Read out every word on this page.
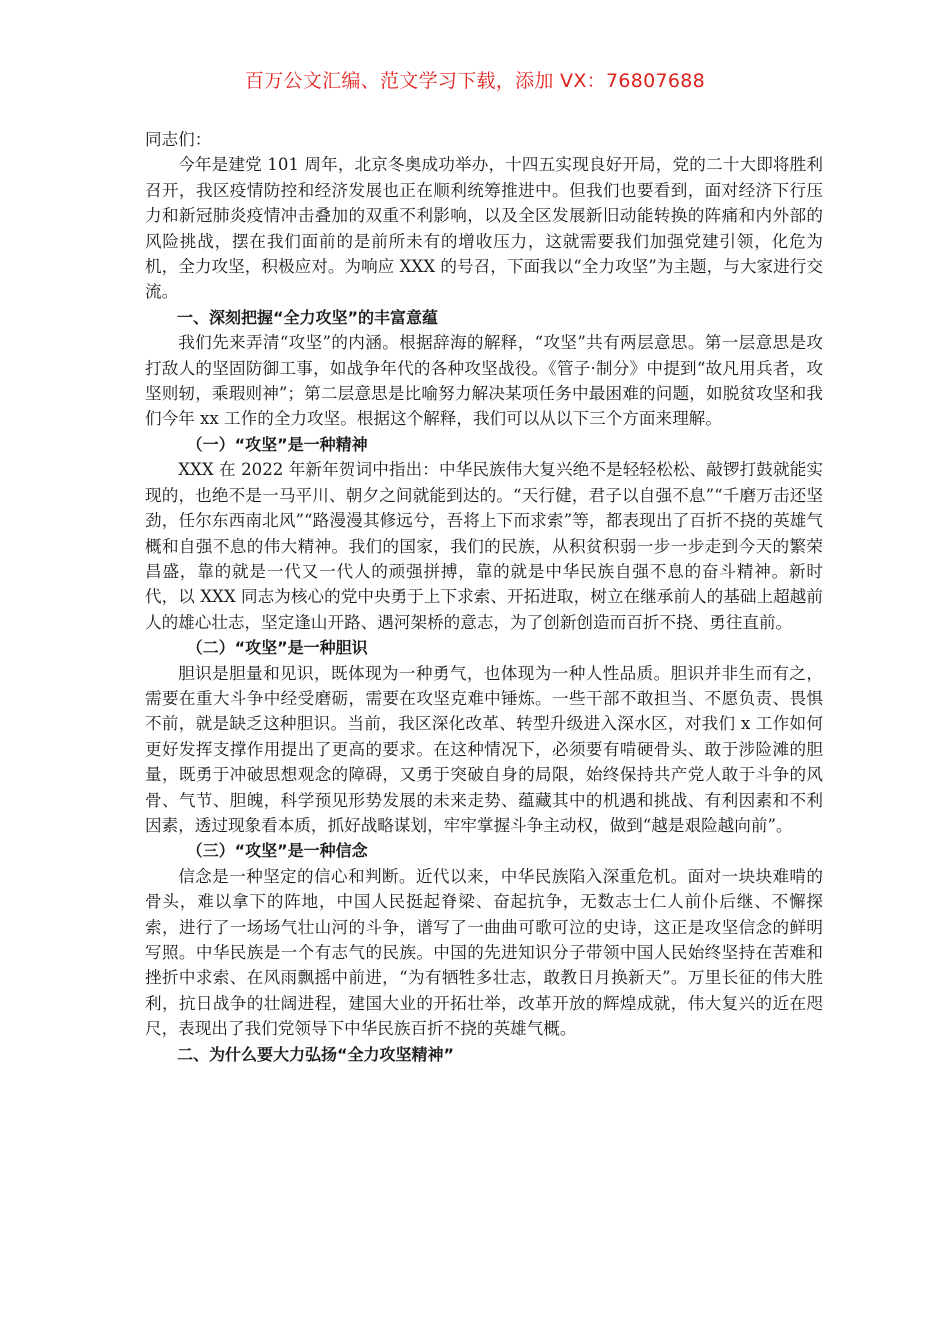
百万公文汇编、范文学习下载，添加 VX：76807688

同志们：

今年是建党 101 周年，北京冬奥成功举办，十四五实现良好开局，党的二十大即将胜利召开，我区疫情防控和经济发展也正在顺利统筹推进中。但我们也要看到，面对经济下行压力和新冠肺炎疫情冲击叠加的双重不利影响，以及全区发展新旧动能转换的阵痛和内外部的风险挑战，摆在我们面前的是前所未有的增收压力，这就需要我们加强党建引领，化危为机，全力攻坚，积极应对。为响应 XXX 的号召，下面我以“全力攻坚”为主题，与大家进行交流。

一、深刻把握“全力攻坚”的丰富意蕴

我们先来弄清“攻坚”的内涵。根据辞海的解释，“攻坚”共有两层意思。第一层意思是攻打敌人的坚固防御工事，如战争年代的各种攻坚战役。《管子·制分》中提到“故凡用兵者，攻坚则轫，乘瑕则神”；第二层意思是比喻努力解决某项任务中最困难的问题，如脱贫攻坚和我们今年 xx 工作的全力攻坚。根据这个解释，我们可以从以下三个方面来理解。

（一）“攻坚”是一种精神

XXX 在 2022 年新年贺词中指出：中华民族伟大复兴绝不是轻轻松松、敲锣打鼓就能实现的，也绝不是一马平川、朝夕之间就能到达的。“天行健，君子以自强不息”“千磨万击还坚劲，任尔东西南北风”“路漫漫其修远兮，吾将上下而求索”等，都表现出了百折不挠的英雄气概和自强不息的伟大精神。我们的国家，我们的民族，从积贫积弱一步一步走到今天的繁荣昌盛，靠的就是一代又一代人的顽强拼搏，靠的就是中华民族自强不息的奋斗精神。新时代，以 XXX 同志为核心的党中央勇于上下求索、开拓进取，树立在继承前人的基础上超越前人的雄心壮志，坚定逢山开路、遇河架桥的意志，为了创新创造而百折不挠、勇往直前。

（二）“攻坚”是一种胆识

胆识是胆量和见识，既体现为一种勇气，也体现为一种人性品质。胆识并非生而有之，需要在重大斗争中经受磨砺，需要在攻坚克难中锤炼。一些干部不敢担当、不愿负责、畏惧不前，就是缺乏这种胆识。当前，我区深化改革、转型升级进入深水区，对我们 x 工作如何更好发挥支撑作用提出了更高的要求。在这种情况下，必须要有啃硬骨头、敢于涉险滩的胆量，既勇于冲破思想观念的障碍，又勇于突破自身的局限，始终保持共产党人敢于斗争的风骨、气节、胆魄，科学预见形势发展的未来走势、蕴藏其中的机遇和挑战、有利因素和不利因素，透过现象看本质，抓好战略谋划，牢牢掌握斗争主动权，做到“越是艰险越向前”。

（三）“攻坚”是一种信念

信念是一种坚定的信心和判断。近代以来，中华民族陷入深重危机。面对一块块难啃的骨头，难以拿下的阵地，中国人民挺起脊梁、奋起抗争，无数志士仁人前仆后继、不懈探索，进行了一场场气壮山河的斗争，谱写了一曲曲可歌可泣的史诗，这正是攻坚信念的鲜明写照。中华民族是一个有志气的民族。中国的先进知识分子带领中国人民始终坚持在苦难和挫折中求索、在风雨飘摇中前进，“为有牺牲多壮志，敢教日月换新天”。万里长征的伟大胜利，抗日战争的壮阔进程，建国大业的开拓壮举，改革开放的辉煌成就，伟大复兴的近在咫尺，表现出了我们党领导下中华民族百折不挠的英雄气概。

二、为什么要大力弘扬“全力攻坚精神”
